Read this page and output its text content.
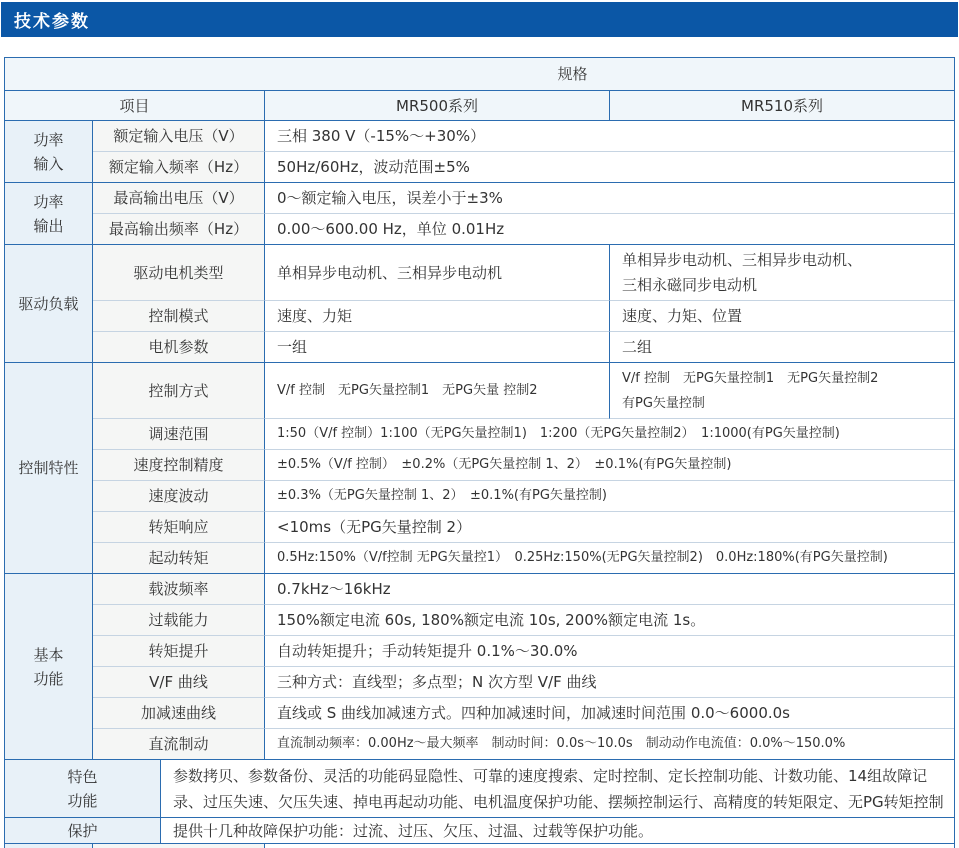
技术参数
规格			
项目		MR500系列	MR510系列

功率
输入	额定输入电压（V）	三相 380 V（-15%～+30%）	
	额定输入频率（Hz）	50Hz/60Hz，波动范围±5%	

功率
输出	最高输出电压（V）	0～额定输入电压，误差小于±3%	
	最高输出频率（Hz）	0.00～600.00 Hz，单位 0.01Hz	

驱动负载	驱动电机类型	单相异步电动机、三相异步电动机	单相异步电动机、三相异步电动机、
三相永磁同步电动机

	控制模式	速度、力矩	速度、力矩、位置
	电机参数	一组	二组

控制特性	控制方式	V/f 控制　无PG矢量控制1　无PG矢量 控制2	V/f 控制　无PG矢量控制1　无PG矢量控制2
有PG矢量控制

	调速范围	1:50（V/f 控制）1:100（无PG矢量控制1)　1:200（无PG矢量控制2）　1:1000(有PG矢量控制)	
	速度控制精度	±0.5%（V/f 控制）　±0.2%（无PG矢量控制 1、2）　±0.1%(有PG矢量控制)	
	速度波动	±0.3%（无PG矢量控制 1、2）　±0.1%(有PG矢量控制)	
	转矩响应	<10ms（无PG矢量控制 2）	
	起动转矩	0.5Hz:150%（V/f控制 无PG矢量控1）　0.25Hz:150%(无PG矢量控制2)　0.0Hz:180%(有PG矢量控制)	

基本
功能	载波频率	0.7kHz～16kHz	
	过载能力	150%额定电流 60s, 180%额定电流 10s, 200%额定电流 1s。	
	转矩提升	自动转矩提升；手动转矩提升 0.1%～30.0%	
	V/F 曲线	三种方式：直线型；多点型；N 次方型 V/F 曲线	
	加减速曲线	直线或 S 曲线加减速方式。四种加减速时间，加减速时间范围 0.0～6000.0s	
	直流制动	直流制动频率：0.00Hz～最大频率　制动时间：0.0s～10.0s　制动动作电流值：0.0%～150.0%	
特色
功能	参数拷贝、参数备份、灵活的功能码显隐性、可靠的速度搜索、定时控制、定长控制功能、计数功能、14组故障记录、过压失速、欠压失速、掉电再起动功能、电机温度保护功能、摆频控制运行、高精度的转矩限定、无PG转矩控制

保护	提供十几种故障保护功能：过流、过压、欠压、过温、过载等保护功能。
